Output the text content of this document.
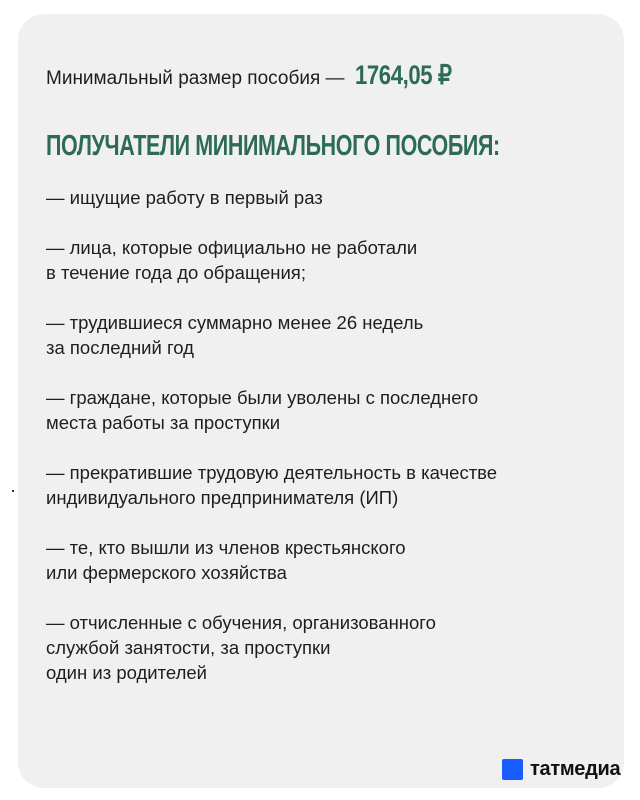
Минимальный размер пособия — 1764,05 ₽

ПОЛУЧАТЕЛИ МИНИМАЛЬНОГО ПОСОБИЯ:
— ищущие работу в первый раз
— лица, которые официально не работали
в течение года до обращения;
— трудившиеся суммарно менее 26 недель
за последний год
— граждане, которые были уволены с последнего
места работы за проступки
— прекратившие трудовую деятельность в качестве
индивидуального предпринимателя (ИП)
— те, кто вышли из членов крестьянского
или фермерского хозяйства
— отчисленные с обучения, организованного
службой занятости, за проступки
один из родителей
татмедиа
